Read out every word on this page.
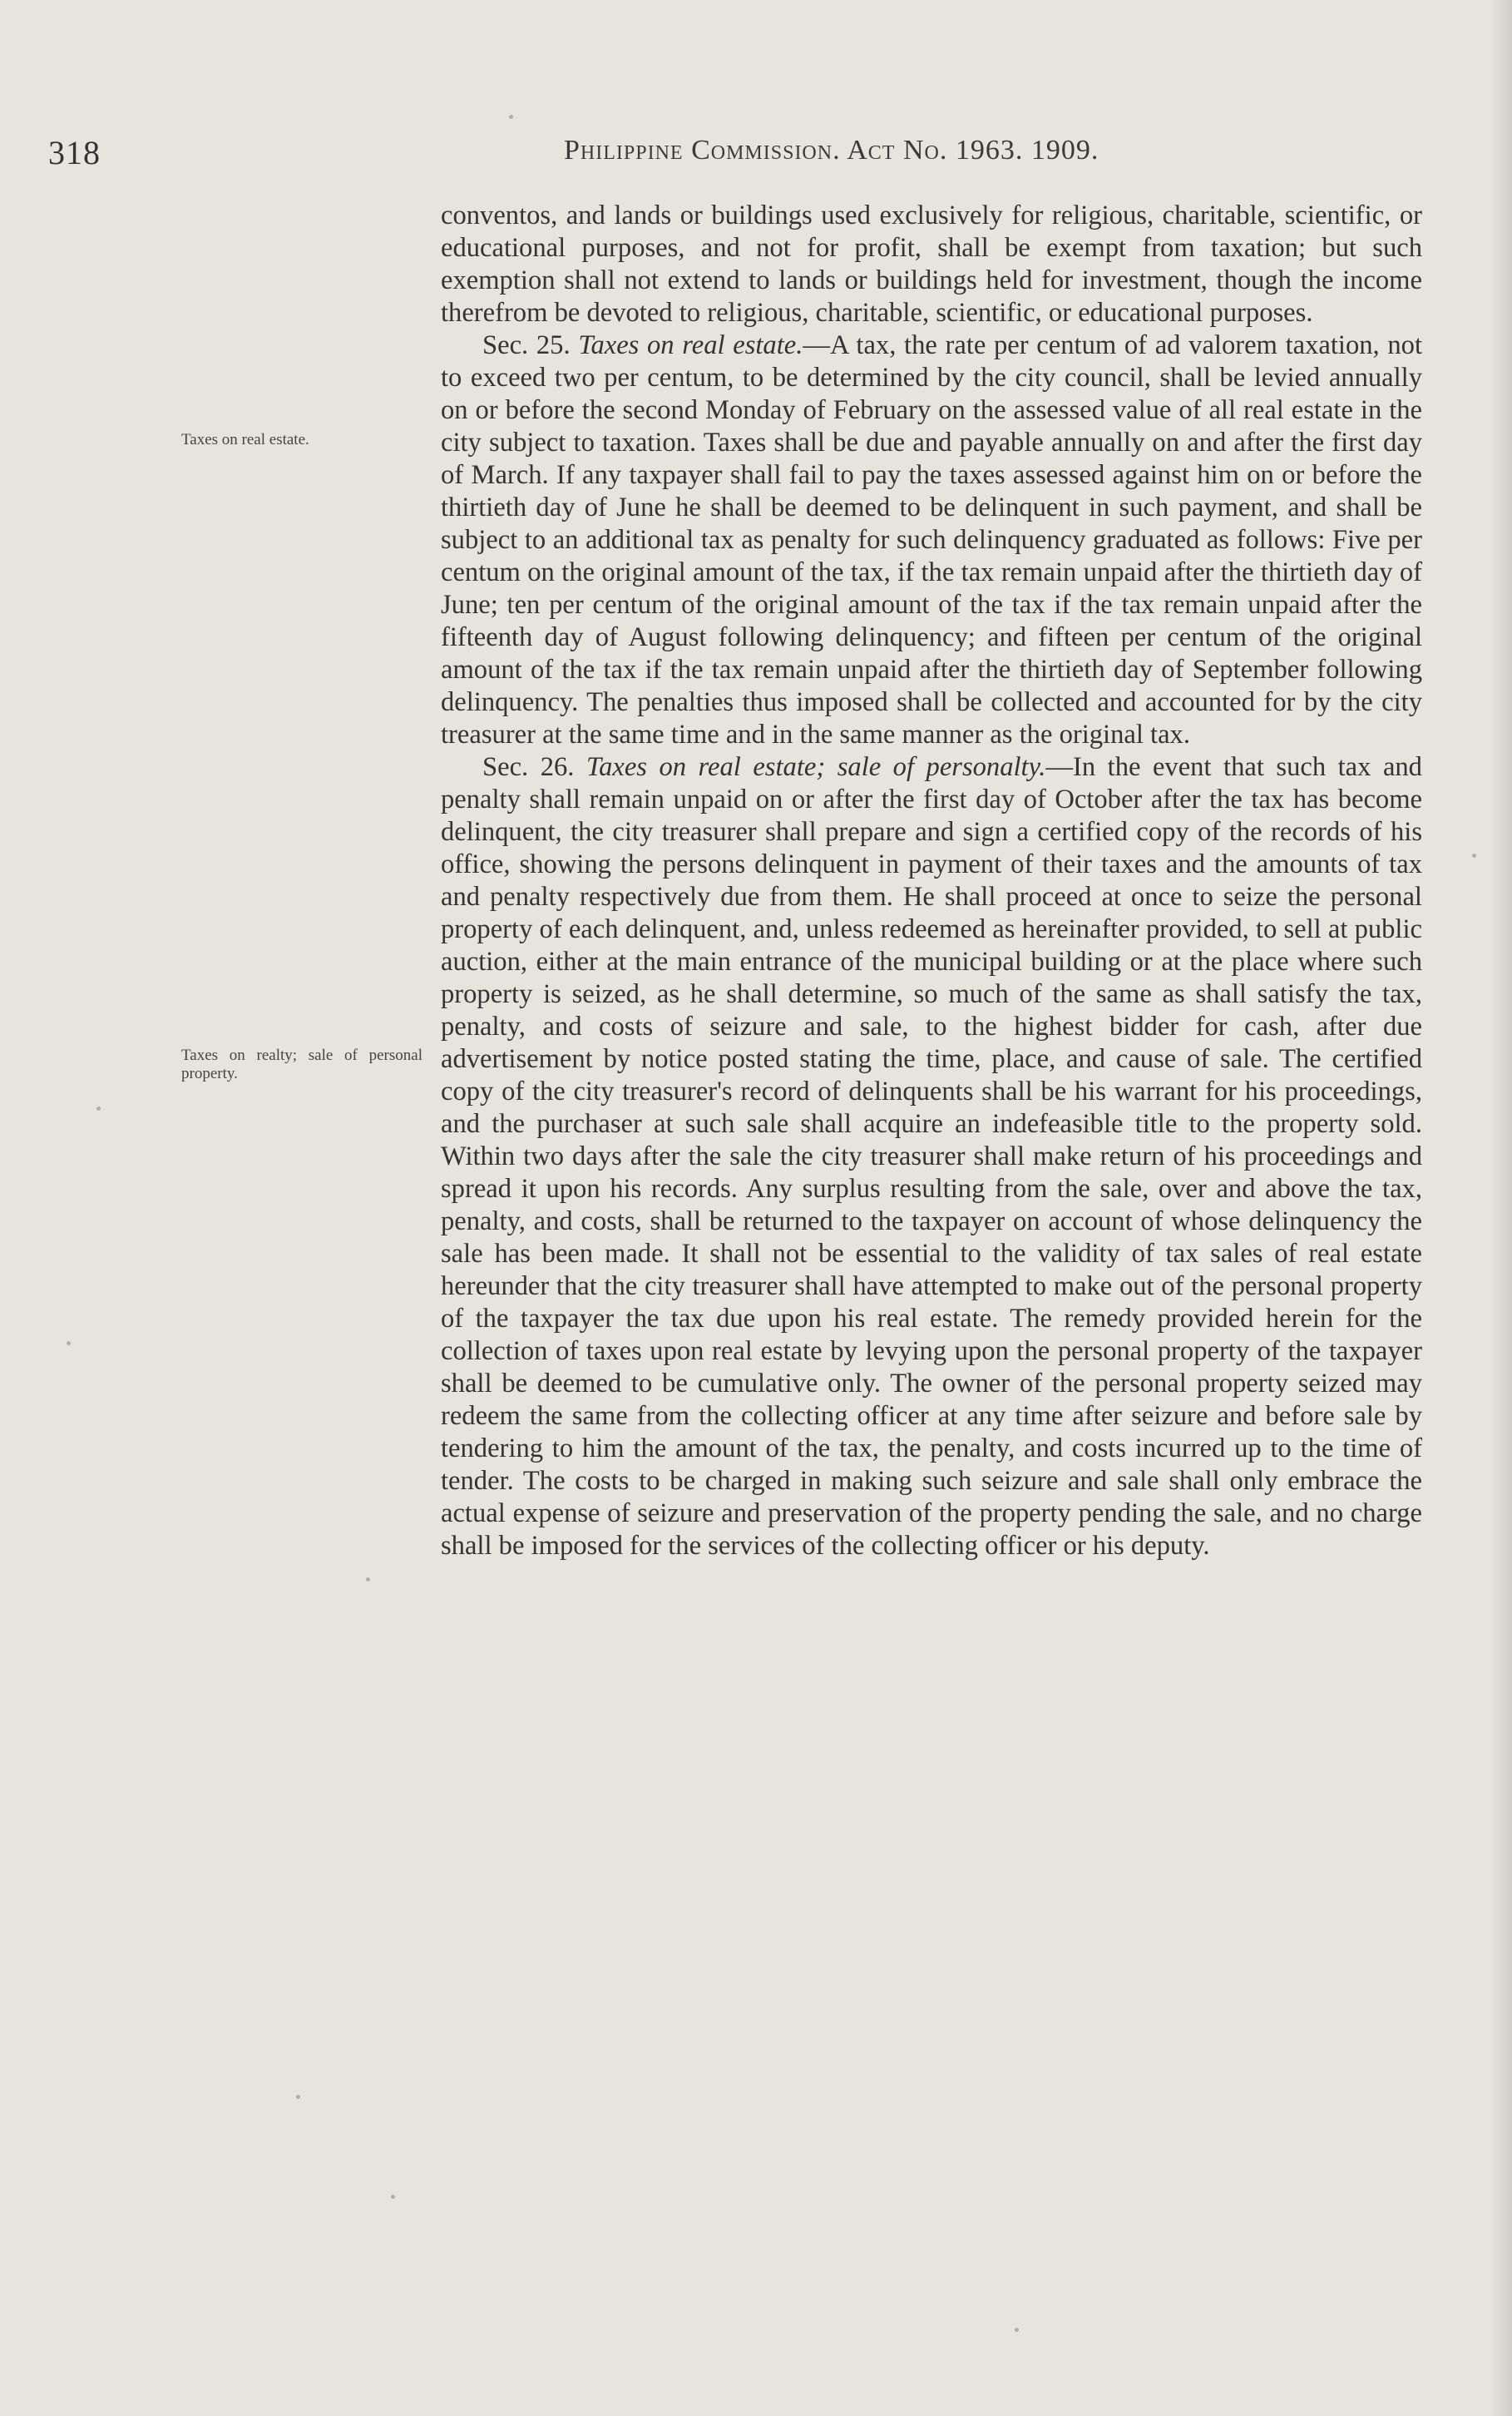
318	Philippine Commission. Act No. 1963. 1909.
Taxes on real estate.
Taxes on realty; sale of personal property.

conventos, and lands or buildings used exclusively for religious, charitable, scientific, or educational purposes, and not for profit, shall be exempt from taxation; but such exemption shall not extend to lands or buildings held for investment, though the income therefrom be devoted to religious, charitable, scientific, or educational purposes.

Sec. 25. Taxes on real estate.—A tax, the rate per centum of ad valorem taxation, not to exceed two per centum, to be determined by the city council, shall be levied annually on or before the second Monday of February on the assessed value of all real estate in the city subject to taxation. Taxes shall be due and payable annually on and after the first day of March. If any taxpayer shall fail to pay the taxes assessed against him on or before the thirtieth day of June he shall be deemed to be delinquent in such payment, and shall be subject to an additional tax as penalty for such delinquency graduated as follows: Five per centum on the original amount of the tax, if the tax remain unpaid after the thirtieth day of June; ten per centum of the original amount of the tax if the tax remain unpaid after the fifteenth day of August following delinquency; and fifteen per centum of the original amount of the tax if the tax remain unpaid after the thirtieth day of September following delinquency. The penalties thus imposed shall be collected and accounted for by the city treasurer at the same time and in the same manner as the original tax.

Sec. 26. Taxes on real estate; sale of personalty.—In the event that such tax and penalty shall remain unpaid on or after the first day of October after the tax has become delinquent, the city treasurer shall prepare and sign a certified copy of the records of his office, showing the persons delinquent in payment of their taxes and the amounts of tax and penalty respectively due from them. He shall proceed at once to seize the personal property of each delinquent, and, unless redeemed as hereinafter provided, to sell at public auction, either at the main entrance of the municipal building or at the place where such property is seized, as he shall determine, so much of the same as shall satisfy the tax, penalty, and costs of seizure and sale, to the highest bidder for cash, after due advertisement by notice posted stating the time, place, and cause of sale. The certified copy of the city treasurer's record of delinquents shall be his warrant for his proceedings, and the purchaser at such sale shall acquire an indefeasible title to the property sold. Within two days after the sale the city treasurer shall make return of his proceedings and spread it upon his records. Any surplus resulting from the sale, over and above the tax, penalty, and costs, shall be returned to the taxpayer on account of whose delinquency the sale has been made. It shall not be essential to the validity of tax sales of real estate hereunder that the city treasurer shall have attempted to make out of the personal property of the taxpayer the tax due upon his real estate. The remedy provided herein for the collection of taxes upon real estate by levying upon the personal property of the taxpayer shall be deemed to be cumulative only. The owner of the personal property seized may redeem the same from the collecting officer at any time after seizure and before sale by tendering to him the amount of the tax, the penalty, and costs incurred up to the time of tender. The costs to be charged in making such seizure and sale shall only embrace the actual expense of seizure and preservation of the property pending the sale, and no charge shall be imposed for the services of the collecting officer or his deputy.
